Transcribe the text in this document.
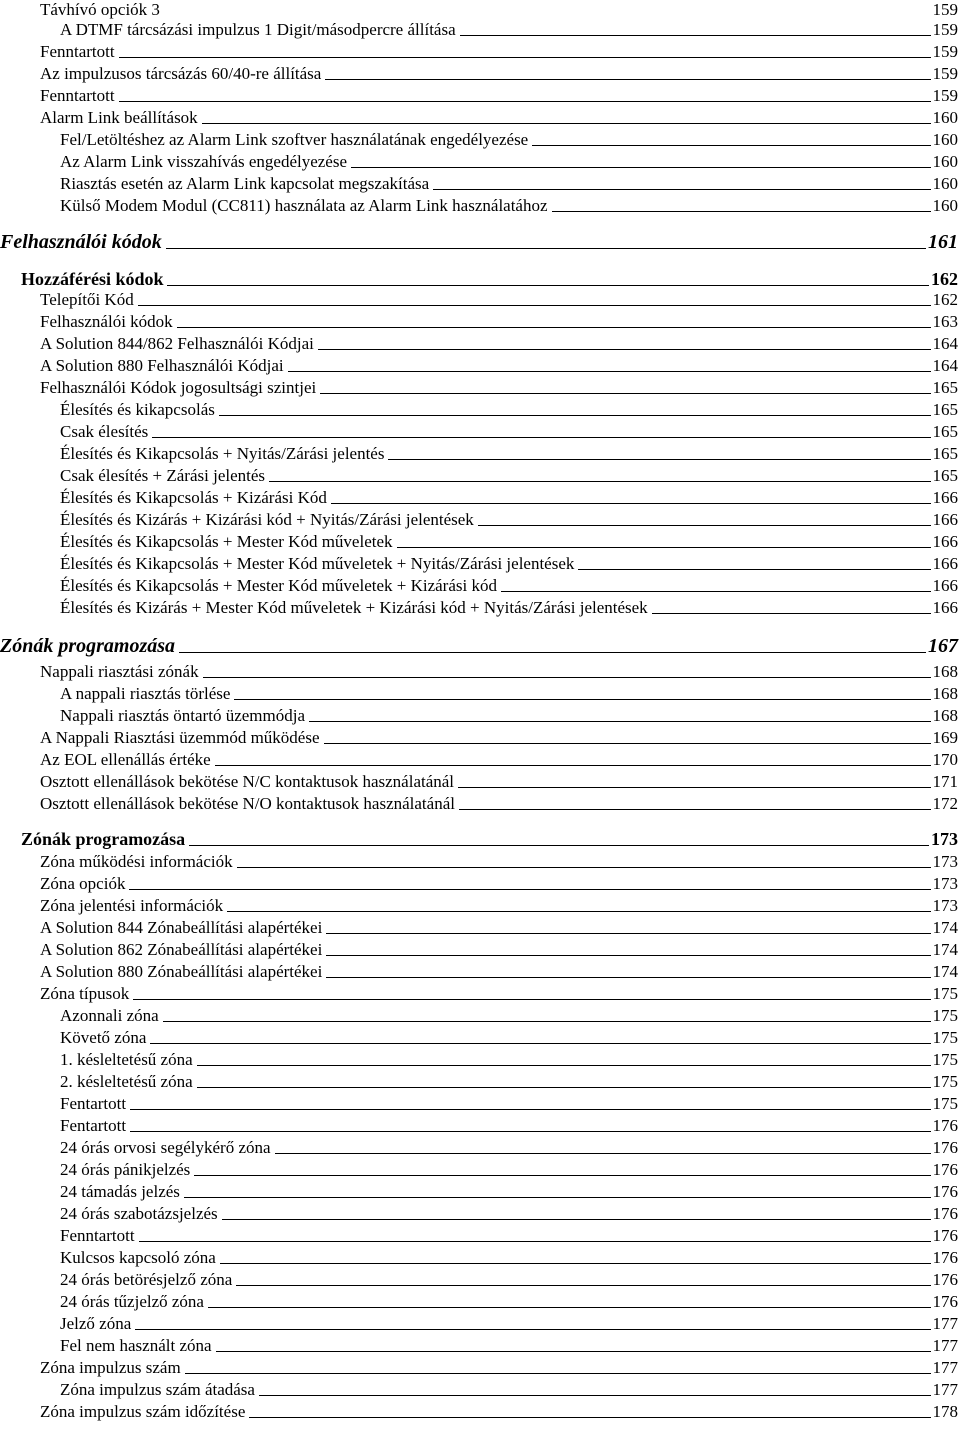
Távhívó opciók 3	159
A DTMF tárcsázási impulzus 1 Digit/másodpercre állítása	159
Fenntartott	159
Az impulzusos tárcsázás 60/40-re állítása	159
Fenntartott	159
Alarm Link beállítások	160
Fel/Letöltéshez az Alarm Link szoftver használatának engedélyezése	160
Az Alarm Link visszahívás engedélyezése	160
Riasztás esetén az Alarm Link kapcsolat megszakítása	160
Külső Modem Modul (CC811) használata az Alarm Link használatához	160
Felhasználói kódok	161
Hozzáférési kódok	162
Telepítői Kód	162
Felhasználói kódok	163
A Solution 844/862 Felhasználói Kódjai	164
A Solution 880 Felhasználói Kódjai	164
Felhasználói Kódok jogosultsági szintjei	165
Élesítés és kikapcsolás	165
Csak élesítés	165
Élesítés és Kikapcsolás + Nyitás/Zárási jelentés	165
Csak élesítés + Zárási jelentés	165
Élesítés és Kikapcsolás + Kizárási Kód	166
Élesítés és Kizárás + Kizárási kód + Nyitás/Zárási jelentések	166
Élesítés és Kikapcsolás + Mester Kód műveletek	166
Élesítés és Kikapcsolás + Mester Kód műveletek + Nyitás/Zárási jelentések	166
Élesítés és Kikapcsolás + Mester Kód műveletek + Kizárási kód	166
Élesítés és Kizárás + Mester Kód műveletek + Kizárási kód + Nyitás/Zárási jelentések	166
Zónák programozása	167
Nappali riasztási zónák	168
A nappali riasztás törlése	168
Nappali riasztás öntartó üzemmódja	168
A Nappali Riasztási üzemmód működése	169
Az EOL ellenállás értéke	170
Osztott ellenállások bekötése N/C kontaktusok használatánál	171
Osztott ellenállások bekötése N/O kontaktusok használatánál	172
Zónák programozása	173
Zóna működési információk	173
Zóna opciók	173
Zóna jelentési információk	173
A Solution 844 Zónabeállítási alapértékei	174
A Solution 862 Zónabeállítási alapértékei	174
A Solution 880 Zónabeállítási alapértékei	174
Zóna típusok	175
Azonnali zóna	175
Követő zóna	175
1. késleltetésű zóna	175
2. késleltetésű zóna	175
Fentartott	175
Fentartott	176
24 órás orvosi segélykérő zóna	176
24 órás pánikjelzés	176
24 támadás jelzés	176
24 órás szabotázsjelzés	176
Fenntartott	176
Kulcsos kapcsoló zóna	176
24 órás betörésjelző zóna	176
24 órás tűzjelző zóna	176
Jelző zóna	177
Fel nem használt zóna	177
Zóna impulzus szám	177
Zóna impulzus szám átadása	177
Zóna impulzus szám időzítése	178
